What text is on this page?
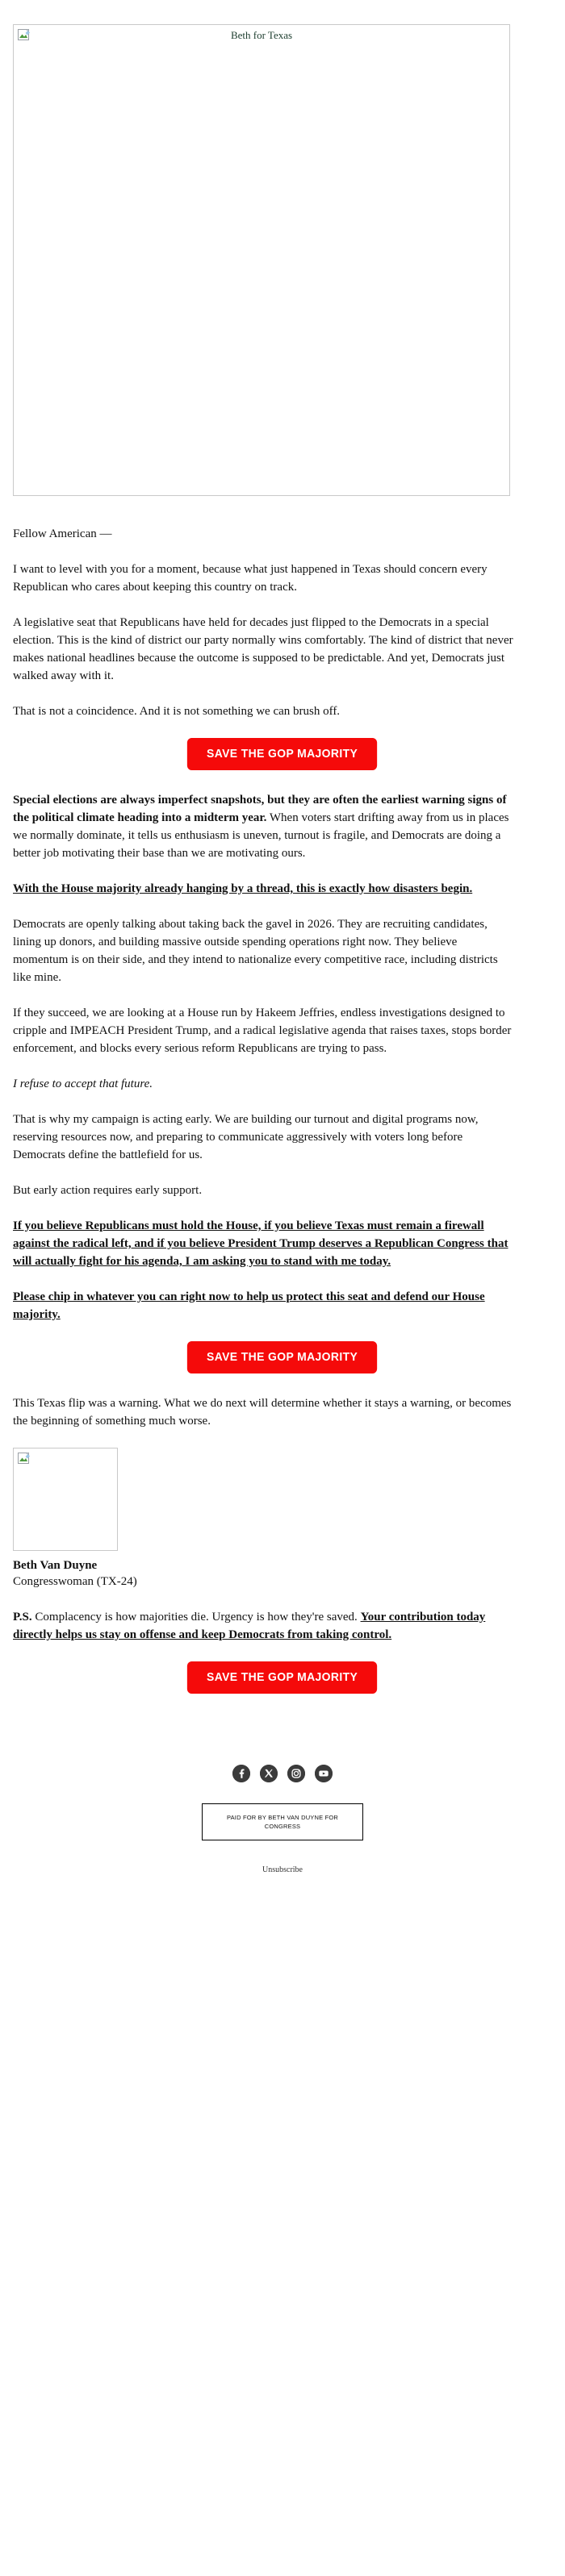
Beth for Texas

Fellow American —

I want to level with you for a moment, because what just happened in Texas should concern every Republican who cares about keeping this country on track.

A legislative seat that Republicans have held for decades just flipped to the Democrats in a special election. This is the kind of district our party normally wins comfortably. The kind of district that never makes national headlines because the outcome is supposed to be predictable. And yet, Democrats just walked away with it.

That is not a coincidence. And it is not something we can brush off.

SAVE THE GOP MAJORITY

Special elections are always imperfect snapshots, but they are often the earliest warning signs of the political climate heading into a midterm year. When voters start drifting away from us in places we normally dominate, it tells us enthusiasm is uneven, turnout is fragile, and Democrats are doing a better job motivating their base than we are motivating ours.

With the House majority already hanging by a thread, this is exactly how disasters begin.

Democrats are openly talking about taking back the gavel in 2026. They are recruiting candidates, lining up donors, and building massive outside spending operations right now. They believe momentum is on their side, and they intend to nationalize every competitive race, including districts like mine.

If they succeed, we are looking at a House run by Hakeem Jeffries, endless investigations designed to cripple and IMPEACH President Trump, and a radical legislative agenda that raises taxes, stops border enforcement, and blocks every serious reform Republicans are trying to pass.

I refuse to accept that future.

That is why my campaign is acting early. We are building our turnout and digital programs now, reserving resources now, and preparing to communicate aggressively with voters long before Democrats define the battlefield for us.

But early action requires early support.

If you believe Republicans must hold the House, if you believe Texas must remain a firewall against the radical left, and if you believe President Trump deserves a Republican Congress that will actually fight for his agenda, I am asking you to stand with me today.

Please chip in whatever you can right now to help us protect this seat and defend our House majority.

SAVE THE GOP MAJORITY

This Texas flip was a warning. What we do next will determine whether it stays a warning, or becomes the beginning of something much worse.

Beth Van Duyne

Congresswoman (TX-24)

P.S. Complacency is how majorities die. Urgency is how they're saved. Your contribution today directly helps us stay on offense and keep Democrats from taking control.

SAVE THE GOP MAJORITY

PAID FOR BY BETH VAN DUYNE FOR CONGRESS
Unsubscribe
